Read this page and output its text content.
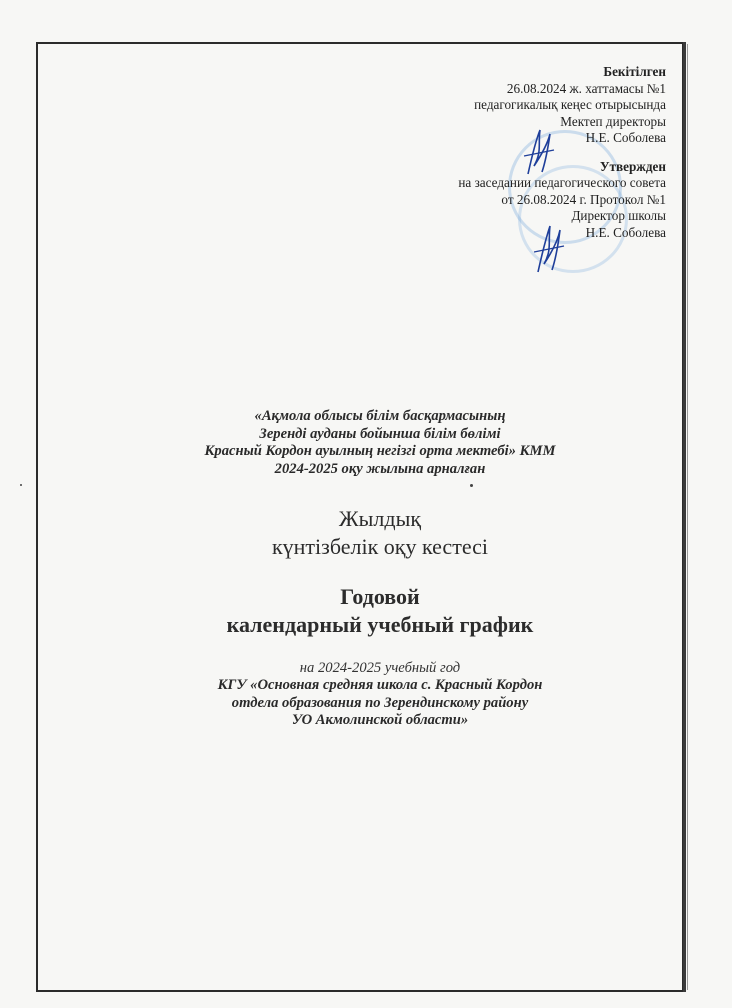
Бекітілген
26.08.2024 ж. хаттамасы №1
педагогикалық кеңес отырысында
Мектеп директоры
Н.Е. Соболева
Утвержден
на заседании педагогического совета
от 26.08.2024 г. Протокол №1
Директор школы
Н.Е. Соболева
«Ақмола облысы білім басқармасының
Зеренді ауданы бойынша білім бөлімі
Красный Кордон ауылның негізгі орта мектебі» КММ
2024-2025 оқу жылына арналған
Жылдық
күнтізбелік оқу кестесі
Годовой
календарный учебный график
на 2024-2025 учебный год
КГУ «Основная средняя школа с. Красный Кордон
отдела образования по Зерендинскому району
УО Акмолинской области»
